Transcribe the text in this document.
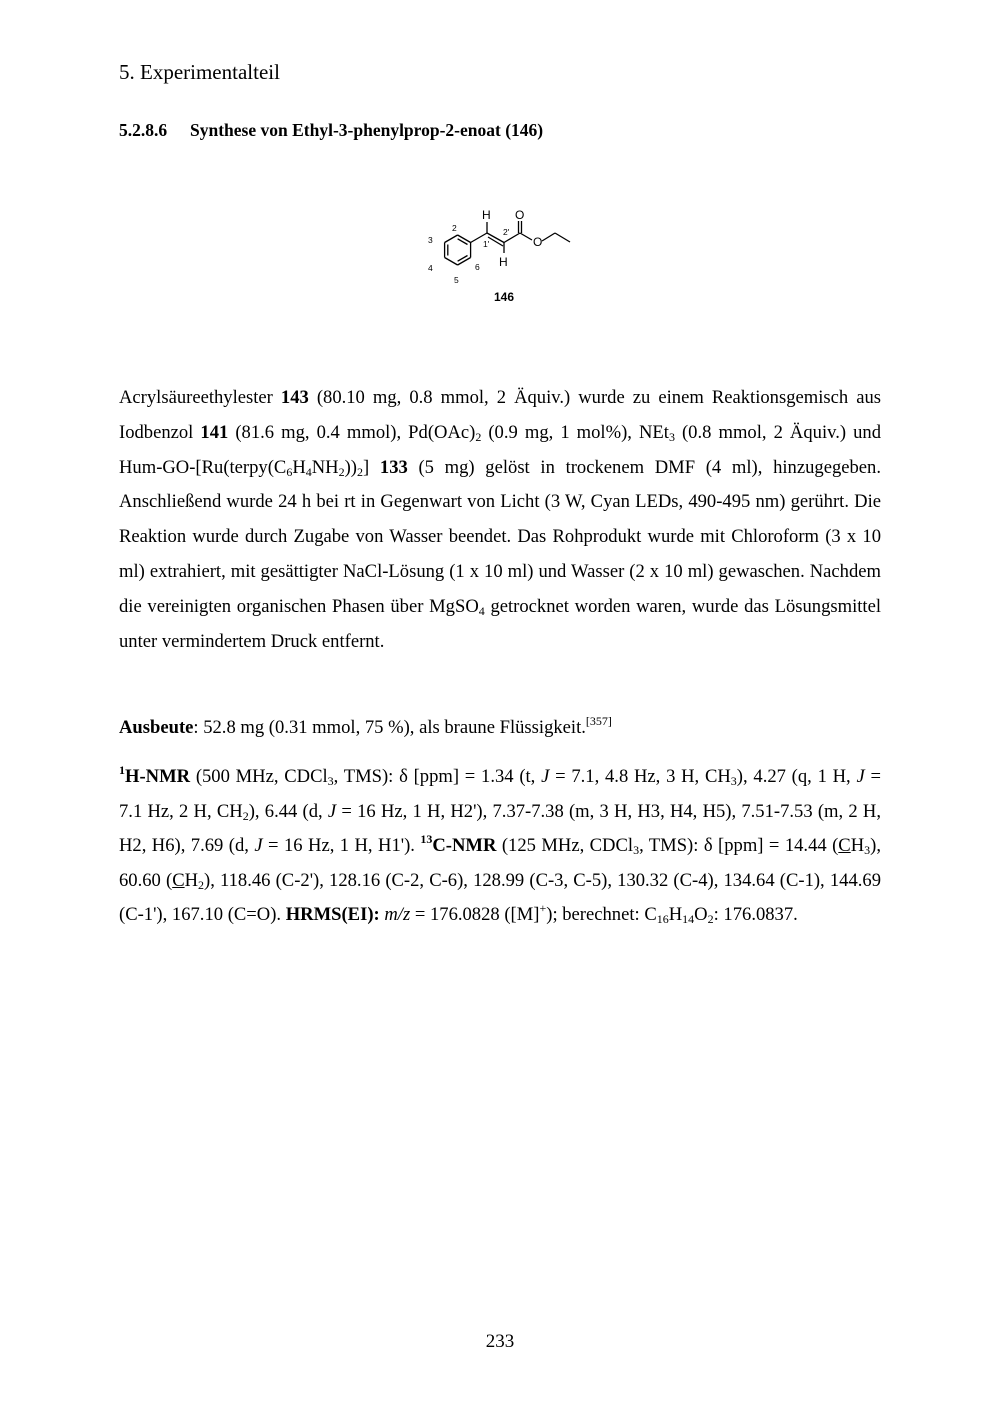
5. Experimentalteil
5.2.8.6 Synthese von Ethyl-3-phenylprop-2-enoat (146)
H O
O
H
2
3
4
5
6
1'
2'
146
Acrylsäureethylester 143 (80.10 mg, 0.8 mmol, 2 Äquiv.) wurde zu einem Reaktionsgemisch aus Iodbenzol 141 (81.6 mg, 0.4 mmol), $Pd(OAc)_2$ (0.9 mg, 1 mol%), NEt$_3$ (0.8 mmol, 2 Äquiv.) und Hum-$GO-[Ru(terpy(C_6H_4NH_2))_2]$ 133 (5 mg) gelöst in trockenem DMF (4 ml), hinzugegeben. Anschließend wurde 24 h bei rt in Gegenwart von Licht (3 W, Cyan LEDs, 490-495 nm) gerührt. Die Reaktion wurde durch Zugabe von Wasser beendet. Das Rohprodukt wurde mit Chloroform (3 x 10 ml) extrahiert, mit gesättigter NaCl-Lösung (1 x 10 ml) und Wasser (2 x 10 ml) gewaschen. Nachdem die vereinigten organischen Phasen über MgSO$_4$ getrocknet worden waren, wurde das Lösungsmittel unter vermindertem Druck entfernt.
Ausbeute: 52.8 mg (0.31 mmol, 75 %), als braune Flüssigkeit.[357]
$^1$H-NMR (500 MHz, CDCl$_3$, TMS): δ [ppm] = 1.34 (t, J = 7.1, 4.8 Hz, 3 H, $CH_3$), 4.27 (q, 1 H, J = 7.1 Hz, 2 H, $CH_2$), 6.44 (d, J = 16 Hz, 1 H, H2'), 7.37-7.38 (m, 3 H, H3, H4, H5), 7.51-7.53 (m, 2 H, H2, H6), 7.69 (d, J = 16 Hz, 1 H, H1'). $^{13}$C-NMR (125 MHz, CDCl$_3$, TMS): δ [ppm] = 14.44 $(CH_3)$, 60.60 $(CH_2)$, 118.46 (C-2'), 128.16 (C-2, C-6), 128.99 (C-3, C-5), 130.32 (C-4), 134.64 (C-1), 144.69 (C-1'), 167.10 (C=O). HRMS(EI): m/z = 176.0828 ([M]+); berechnet: $C_{16}H_{14}O_2$: 176.0837.
233
